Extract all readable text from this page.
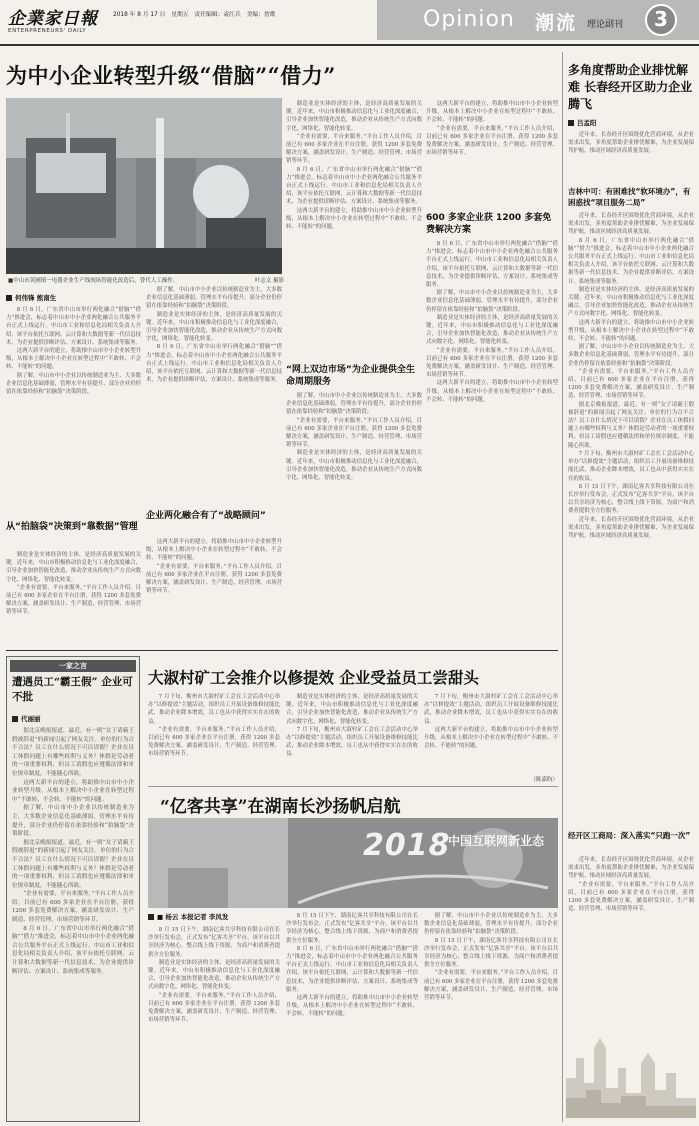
企業家日報
ENTERPRENEURS' DAILY
2018 年 8 月 17 日　星期五　责任编辑：袁红兵　美编：詹歌	Opinion 潮流 理论副刊	3
为中小企业转型升级“借脑”“借力”
■中山市黄圃镇一电器企业生产线现场智能化改造后，替代人工操作。	叶志文 摄影
何伟锋 熊南生

8 月 6 日，广东省中山市举行两化融合“借脑”“借力”推进会，标志着中山市中小企业两化融合公共服务平台正式上线运行。中山市工业和信息化局相关负责人介绍，该平台依托互联网、云计算和大数据等新一代信息技术，为企业提供诊断评估、方案设计、系统集成等服务。

这两大新平台的建立，将助推中山市中小企业转型升级，从根本上解决中小企业在转型过程中“不敢转、不会转、不能转”的问题。

据了解，中山市中小企业以传统制造业为主，大多数企业信息化基础薄弱，管理水平有待提升，部分企业仍停留在依靠经验和“拍脑袋”决策阶段。

从“拍脑袋”决策到“靠数据”管理

制造业是实体经济的主体，是经济高质量发展的关键。近年来，中山市积极推动信息化与工业化深度融合，引导企业加快智能化改造，推动企业从传统生产方式向数字化、网络化、智能化转变。

“企业有需要，平台来服务。”平台工作人员介绍，目前已有 600 多家企业在平台注册，获得 1200 多套免费解决方案，涵盖研发设计、生产制造、经营管理、市场营销等环节。

据了解，中山市中小企业以传统制造业为主，大多数企业信息化基础薄弱，管理水平有待提升，部分企业仍停留在依靠经验和“拍脑袋”决策阶段。

制造业是实体经济的主体，是经济高质量发展的关键。近年来，中山市积极推动信息化与工业化深度融合，引导企业加快智能化改造，推动企业从传统生产方式向数字化、网络化、智能化转变。

8 月 6 日，广东省中山市举行两化融合“借脑”“借力”推进会，标志着中山市中小企业两化融合公共服务平台正式上线运行。中山市工业和信息化局相关负责人介绍，该平台依托互联网、云计算和大数据等新一代信息技术，为企业提供诊断评估、方案设计、系统集成等服务。

企业两化融合有了“战略顾问”

这两大新平台的建立，将助推中山市中小企业转型升级，从根本上解决中小企业在转型过程中“不敢转、不会转、不能转”的问题。

“企业有需要，平台来服务。”平台工作人员介绍，目前已有 600 多家企业在平台注册，获得 1200 多套免费解决方案，涵盖研发设计、生产制造、经营管理、市场营销等环节。

制造业是实体经济的主体，是经济高质量发展的关键。近年来，中山市积极推动信息化与工业化深度融合，引导企业加快智能化改造，推动企业从传统生产方式向数字化、网络化、智能化转变。

“企业有需要，平台来服务。”平台工作人员介绍，目前已有 600 多家企业在平台注册，获得 1200 多套免费解决方案，涵盖研发设计、生产制造、经营管理、市场营销等环节。

8 月 6 日，广东省中山市举行两化融合“借脑”“借力”推进会，标志着中山市中小企业两化融合公共服务平台正式上线运行。中山市工业和信息化局相关负责人介绍，该平台依托互联网、云计算和大数据等新一代信息技术，为企业提供诊断评估、方案设计、系统集成等服务。

这两大新平台的建立，将助推中山市中小企业转型升级，从根本上解决中小企业在转型过程中“不敢转、不会转、不能转”的问题。

“网上双边市场”为企业提供全生命周期服务

据了解，中山市中小企业以传统制造业为主，大多数企业信息化基础薄弱，管理水平有待提升，部分企业仍停留在依靠经验和“拍脑袋”决策阶段。

“企业有需要，平台来服务。”平台工作人员介绍，目前已有 600 多家企业在平台注册，获得 1200 多套免费解决方案，涵盖研发设计、生产制造、经营管理、市场营销等环节。

制造业是实体经济的主体，是经济高质量发展的关键。近年来，中山市积极推动信息化与工业化深度融合，引导企业加快智能化改造，推动企业从传统生产方式向数字化、网络化、智能化转变。

这两大新平台的建立，将助推中山市中小企业转型升级，从根本上解决中小企业在转型过程中“不敢转、不会转、不能转”的问题。

“企业有需要，平台来服务。”平台工作人员介绍，目前已有 600 多家企业在平台注册，获得 1200 多套免费解决方案，涵盖研发设计、生产制造、经营管理、市场营销等环节。

600 多家企业获 1200 多套免费解决方案

8 月 6 日，广东省中山市举行两化融合“借脑”“借力”推进会，标志着中山市中小企业两化融合公共服务平台正式上线运行。中山市工业和信息化局相关负责人介绍，该平台依托互联网、云计算和大数据等新一代信息技术，为企业提供诊断评估、方案设计、系统集成等服务。

据了解，中山市中小企业以传统制造业为主，大多数企业信息化基础薄弱，管理水平有待提升，部分企业仍停留在依靠经验和“拍脑袋”决策阶段。

制造业是实体经济的主体，是经济高质量发展的关键。近年来，中山市积极推动信息化与工业化深度融合，引导企业加快智能化改造，推动企业从传统生产方式向数字化、网络化、智能化转变。

“企业有需要，平台来服务。”平台工作人员介绍，目前已有 600 多家企业在平台注册，获得 1200 多套免费解决方案，涵盖研发设计、生产制造、经营管理、市场营销等环节。

这两大新平台的建立，将助推中山市中小企业转型升级，从根本上解决中小企业在转型过程中“不敢转、不会转、不能转”的问题。

多角度帮助企业排忧解难 长春经开区助力企业腾飞
吕孟阳

近年来，长春经开区围绕优化营商环境，从企业需求出发，多角度帮助企业排忧解难，为企业发展保驾护航，推动区域经济高质量发展。

吉林中可：有困难找“软环境办”，有困惑找“项目服务二局”

近年来，长春经开区围绕优化营商环境，从企业需求出发，多角度帮助企业排忧解难，为企业发展保驾护航，推动区域经济高质量发展。

8 月 6 日，广东省中山市举行两化融合“借脑”“借力”推进会，标志着中山市中小企业两化融合公共服务平台正式上线运行。中山市工业和信息化局相关负责人介绍，该平台依托互联网、云计算和大数据等新一代信息技术，为企业提供诊断评估、方案设计、系统集成等服务。

制造业是实体经济的主体，是经济高质量发展的关键。近年来，中山市积极推动信息化与工业化深度融合，引导企业加快智能化改造，推动企业从传统生产方式向数字化、网络化、智能化转变。

这两大新平台的建立，将助推中山市中小企业转型升级，从根本上解决中小企业在转型过程中“不敢转、不会转、不能转”的问题。

据了解，中山市中小企业以传统制造业为主，大多数企业信息化基础薄弱，管理水平有待提升，部分企业仍停留在依靠经验和“拍脑袋”决策阶段。

“企业有需要，平台来服务。”平台工作人员介绍，目前已有 600 多家企业在平台注册，获得 1200 多套免费解决方案，涵盖研发设计、生产制造、经营管理、市场营销等环节。

据北京晚报报道，最近，有一则“女子请霸王假被辞退”的新闻引起了网友关注。单位的行为合不合法？员工在什么情况下可以请假？企业在员工休假问题上有哪些权利与义务？休假是劳动者的一项重要权利，但员工请假也应遵循法律和单位规章制度，不能随心所欲。

7 月下旬，衡州市大淑村矿工会在工会活动中心举办“以修提效”主题活动，组织员工开展设备维修技能比武，推动企业降本增效，员工也从中获得实实在在的收益。

8 月 15 日下午，湖南亿客共享科技有限公司在长沙举行发布会，正式发布“亿客共享”平台。该平台以共享经济为核心，整合线上线下资源，为商户和消费者提供全方位服务。

近年来，长春经开区围绕优化营商环境，从企业需求出发，多角度帮助企业排忧解难，为企业发展保驾护航，推动区域经济高质量发展。

经开区工商局：深入落实“只跑一次”

近年来，长春经开区围绕优化营商环境，从企业需求出发，多角度帮助企业排忧解难，为企业发展保驾护航，推动区域经济高质量发展。

“企业有需要，平台来服务。”平台工作人员介绍，目前已有 600 多家企业在平台注册，获得 1200 多套免费解决方案，涵盖研发设计、生产制造、经营管理、市场营销等环节。

一家之言
遭遇员工“霸王假” 企业可不批
代丽丽

据北京晚报报道，最近，有一则“女子请霸王假被辞退”的新闻引起了网友关注。单位的行为合不合法？员工在什么情况下可以请假？企业在员工休假问题上有哪些权利与义务？休假是劳动者的一项重要权利，但员工请假也应遵循法律和单位规章制度，不能随心所欲。

这两大新平台的建立，将助推中山市中小企业转型升级，从根本上解决中小企业在转型过程中“不敢转、不会转、不能转”的问题。

据了解，中山市中小企业以传统制造业为主，大多数企业信息化基础薄弱，管理水平有待提升，部分企业仍停留在依靠经验和“拍脑袋”决策阶段。

据北京晚报报道，最近，有一则“女子请霸王假被辞退”的新闻引起了网友关注。单位的行为合不合法？员工在什么情况下可以请假？企业在员工休假问题上有哪些权利与义务？休假是劳动者的一项重要权利，但员工请假也应遵循法律和单位规章制度，不能随心所欲。

“企业有需要，平台来服务。”平台工作人员介绍，目前已有 600 多家企业在平台注册，获得 1200 多套免费解决方案，涵盖研发设计、生产制造、经营管理、市场营销等环节。

8 月 6 日，广东省中山市举行两化融合“借脑”“借力”推进会，标志着中山市中小企业两化融合公共服务平台正式上线运行。中山市工业和信息化局相关负责人介绍，该平台依托互联网、云计算和大数据等新一代信息技术，为企业提供诊断评估、方案设计、系统集成等服务。

大淑村矿工会推介以修提效 企业受益员工尝甜头

7 月下旬，衡州市大淑村矿工会在工会活动中心举办“以修提效”主题活动，组织员工开展设备维修技能比武，推动企业降本增效，员工也从中获得实实在在的收益。

“企业有需要，平台来服务。”平台工作人员介绍，目前已有 600 多家企业在平台注册，获得 1200 多套免费解决方案，涵盖研发设计、生产制造、经营管理、市场营销等环节。

制造业是实体经济的主体，是经济高质量发展的关键。近年来，中山市积极推动信息化与工业化深度融合，引导企业加快智能化改造，推动企业从传统生产方式向数字化、网络化、智能化转变。

7 月下旬，衡州市大淑村矿工会在工会活动中心举办“以修提效”主题活动，组织员工开展设备维修技能比武，推动企业降本增效，员工也从中获得实实在在的收益。

7 月下旬，衡州市大淑村矿工会在工会活动中心举办“以修提效”主题活动，组织员工开展设备维修技能比武，推动企业降本增效，员工也从中获得实实在在的收益。

这两大新平台的建立，将助推中山市中小企业转型升级，从根本上解决中小企业在转型过程中“不敢转、不会转、不能转”的问题。

（陈嘉昀）
“亿客共享”在湖南长沙扬帆启航
2018
中国互联网新业态
■ 杨云 本报记者 李凤发

8 月 15 日下午，湖南亿客共享科技有限公司在长沙举行发布会，正式发布“亿客共享”平台。该平台以共享经济为核心，整合线上线下资源，为商户和消费者提供全方位服务。

制造业是实体经济的主体，是经济高质量发展的关键。近年来，中山市积极推动信息化与工业化深度融合，引导企业加快智能化改造，推动企业从传统生产方式向数字化、网络化、智能化转变。

“企业有需要，平台来服务。”平台工作人员介绍，目前已有 600 多家企业在平台注册，获得 1200 多套免费解决方案，涵盖研发设计、生产制造、经营管理、市场营销等环节。

8 月 15 日下午，湖南亿客共享科技有限公司在长沙举行发布会，正式发布“亿客共享”平台。该平台以共享经济为核心，整合线上线下资源，为商户和消费者提供全方位服务。

8 月 6 日，广东省中山市举行两化融合“借脑”“借力”推进会，标志着中山市中小企业两化融合公共服务平台正式上线运行。中山市工业和信息化局相关负责人介绍，该平台依托互联网、云计算和大数据等新一代信息技术，为企业提供诊断评估、方案设计、系统集成等服务。

这两大新平台的建立，将助推中山市中小企业转型升级，从根本上解决中小企业在转型过程中“不敢转、不会转、不能转”的问题。

据了解，中山市中小企业以传统制造业为主，大多数企业信息化基础薄弱，管理水平有待提升，部分企业仍停留在依靠经验和“拍脑袋”决策阶段。

8 月 15 日下午，湖南亿客共享科技有限公司在长沙举行发布会，正式发布“亿客共享”平台。该平台以共享经济为核心，整合线上线下资源，为商户和消费者提供全方位服务。

“企业有需要，平台来服务。”平台工作人员介绍，目前已有 600 多家企业在平台注册，获得 1200 多套免费解决方案，涵盖研发设计、生产制造、经营管理、市场营销等环节。
